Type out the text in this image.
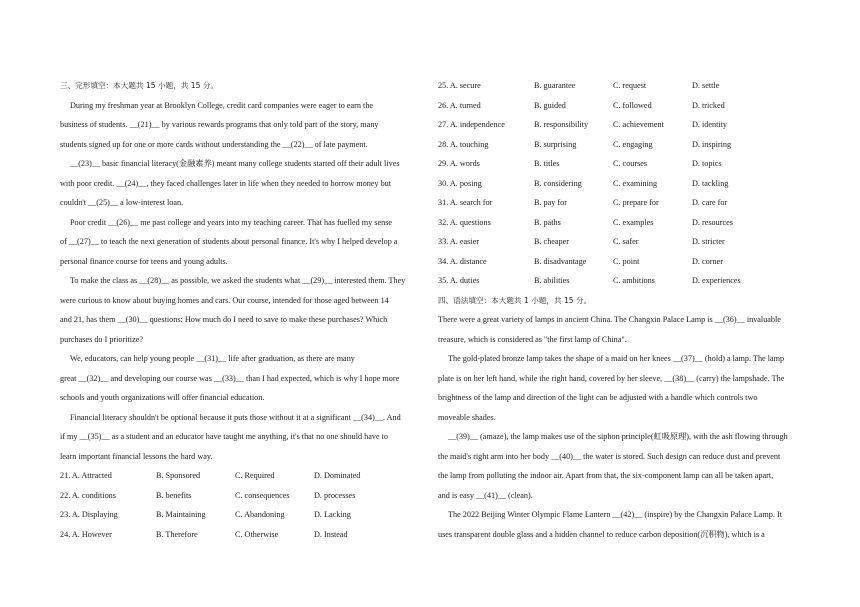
三、完形填空：本大题共 15 小题，共 15 分。
During my freshman year at Brooklyn College, credit card companies were eager to earn the
business of students. __(21)__ by various rewards programs that only told part of the story, many
students signed up for one or more cards without understanding the __(22)__ of late payment.
__(23)__ basic financial literacy(金融素养) meant many college students started off their adult lives
with poor credit. __(24)__, they faced challenges later in life when they needed to borrow money but
couldn't __(25)__ a low-interest loan.
Poor credit __(26)__ me past college and years into my teaching career. That has fuelled my sense
of __(27)__ to teach the next generation of students about personal finance. It's why I helped develop a
personal finance course for teens and young adults.
To make the class as __(28)__ as possible, we asked the students what __(29)__ interested them. They
were curious to know about buying homes and cars. Our course, intended for those aged between 14
and 21, has them __(30)__ questions: How much do I need to save to make these purchases? Which
purchases do I prioritize?
We, educators, can help young people __(31)__ life after graduation, as there are many
great __(32)__ and developing our course was __(33)__ than I had expected, which is why I hope more
schools and youth organizations will offer financial education.
Financial literacy shouldn't be optional because it puts those without it at a significant __(34)__. And
if my __(35)__ as a student and an educator have taught me anything, it's that no one should have to
learn important financial lessons the hard way.
21. A. Attracted	B. Sponsored	C. Required	D. Dominated
22. A. conditions	B. benefits	C. consequences	D. processes
23. A. Displaying	B. Maintaining	C. Abandoning	D. Lacking
24. A. However	B. Therefore	C. Otherwise	D. Instead
25. A. secure	B. guarantee	C. request	D. settle
26. A. turned	B. guided	C. followed	D. tricked
27. A. independence	B. responsibility	C. achievement	D. identity
28. A. touching	B. surprising	C. engaging	D. inspiring
29. A. words	B. titles	C. courses	D. topics
30. A. posing	B. considering	C. examining	D. tackling
31. A. search for	B. pay for	C. prepare for	D. care for
32. A. questions	B. paths	C. examples	D. resources
33. A. easier	B. cheaper	C. safer	D. stricter
34. A. distance	B. disadvantage	C. point	D. corner
35. A. duties	B. abilities	C. ambitions	D. experiences
四、语法填空：本大题共 1 小题，共 15 分。
There were a great variety of lamps in ancient China. The Changxin Palace Lamp is __(36)__ invaluable
treasure, which is considered as "the first lamp of China".
The gold-plated bronze lamp takes the shape of a maid on her knees __(37)__ (hold) a lamp. The lamp
plate is on her left hand, while the right hand, covered by her sleeve, __(38)__ (carry) the lampshade. The
brightness of the lamp and direction of the light can be adjusted with a handle which controls two
moveable shades.
__(39)__ (amaze), the lamp makes use of the siphon principle(虹吸原理), with the ash flowing through
the maid's right arm into her body __(40)__ the water is stored. Such design can reduce dust and prevent
the lamp from polluting the indoor air. Apart from that, the six-component lamp can all be taken apart,
and is easy __(41)__ (clean).
The 2022 Beijing Winter Olympic Flame Lantern __(42)__ (inspire) by the Changxin Palace Lamp. It
uses transparent double glass and a hidden channel to reduce carbon deposition(沉积物), which is a
